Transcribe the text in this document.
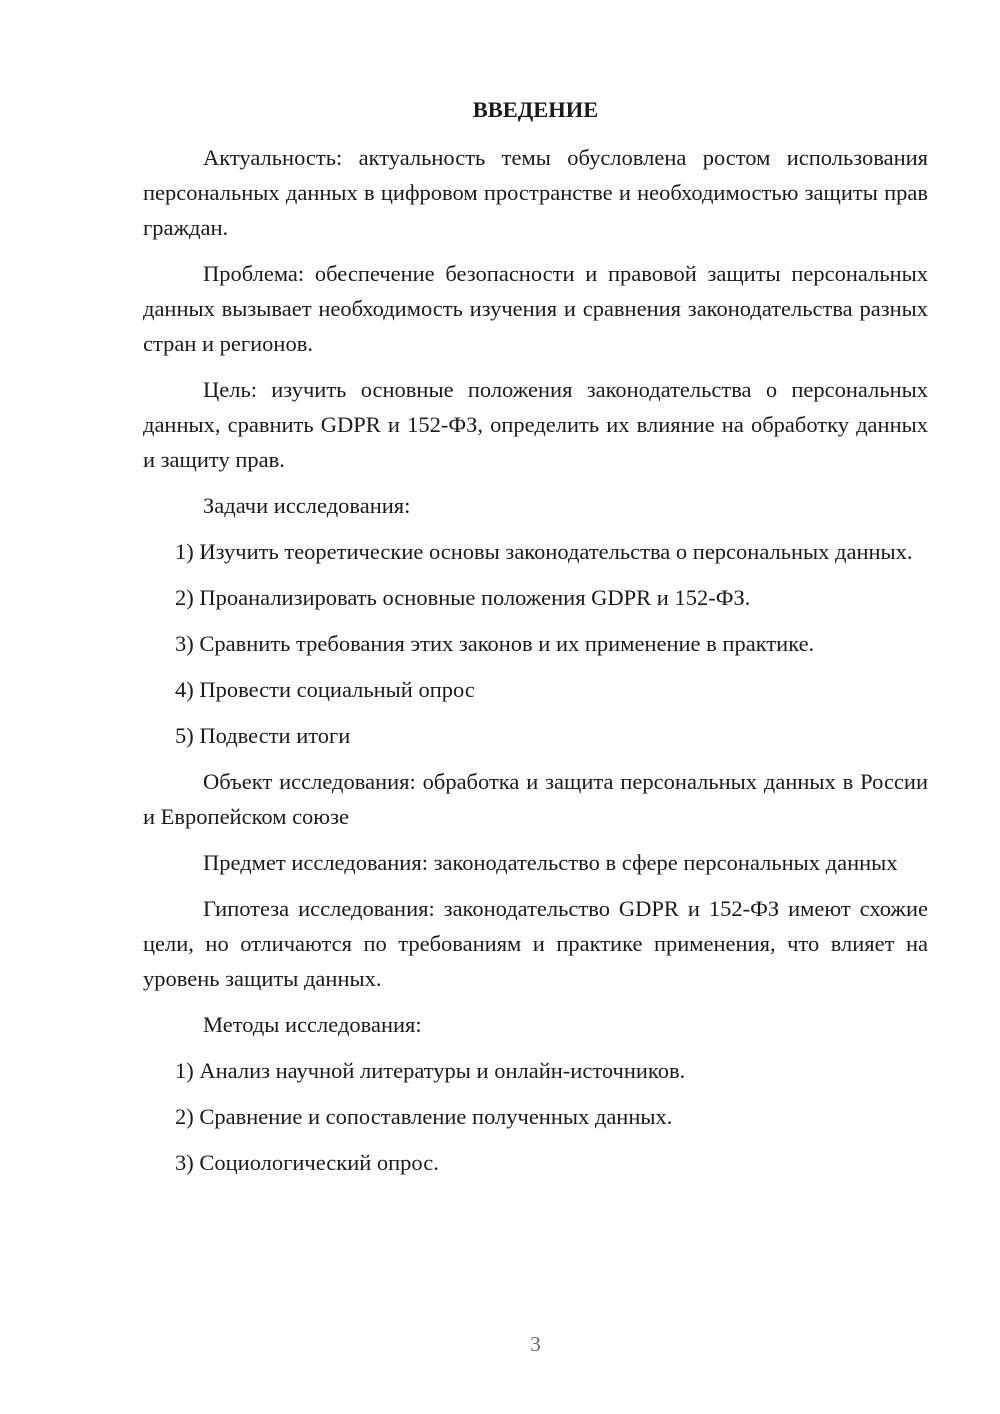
ВВЕДЕНИЕ

Актуальность: актуальность темы обусловлена ростом использования персональных данных в цифровом пространстве и необходимостью защиты прав граждан.

Проблема: обеспечение безопасности и правовой защиты персональных данных вызывает необходимость изучения и сравнения законодательства разных стран и регионов.

Цель: изучить основные положения законодательства о персональных данных, сравнить GDPR и 152-ФЗ, определить их влияние на обработку данных и защиту прав.

Задачи исследования:

1) Изучить теоретические основы законодательства о персональных данных.

2) Проанализировать основные положения GDPR и 152-ФЗ.

3) Сравнить требования этих законов и их применение в практике.

4) Провести социальный опрос

5) Подвести итоги

Объект исследования: обработка и защита персональных данных в России и Европейском союзе

Предмет исследования: законодательство в сфере персональных данных

Гипотеза исследования: законодательство GDPR и 152-ФЗ имеют схожие цели, но отличаются по требованиям и практике применения, что влияет на уровень защиты данных.

Методы исследования:

1) Анализ научной литературы и онлайн-источников.

2) Сравнение и сопоставление полученных данных.

3) Социологический опрос.

3
